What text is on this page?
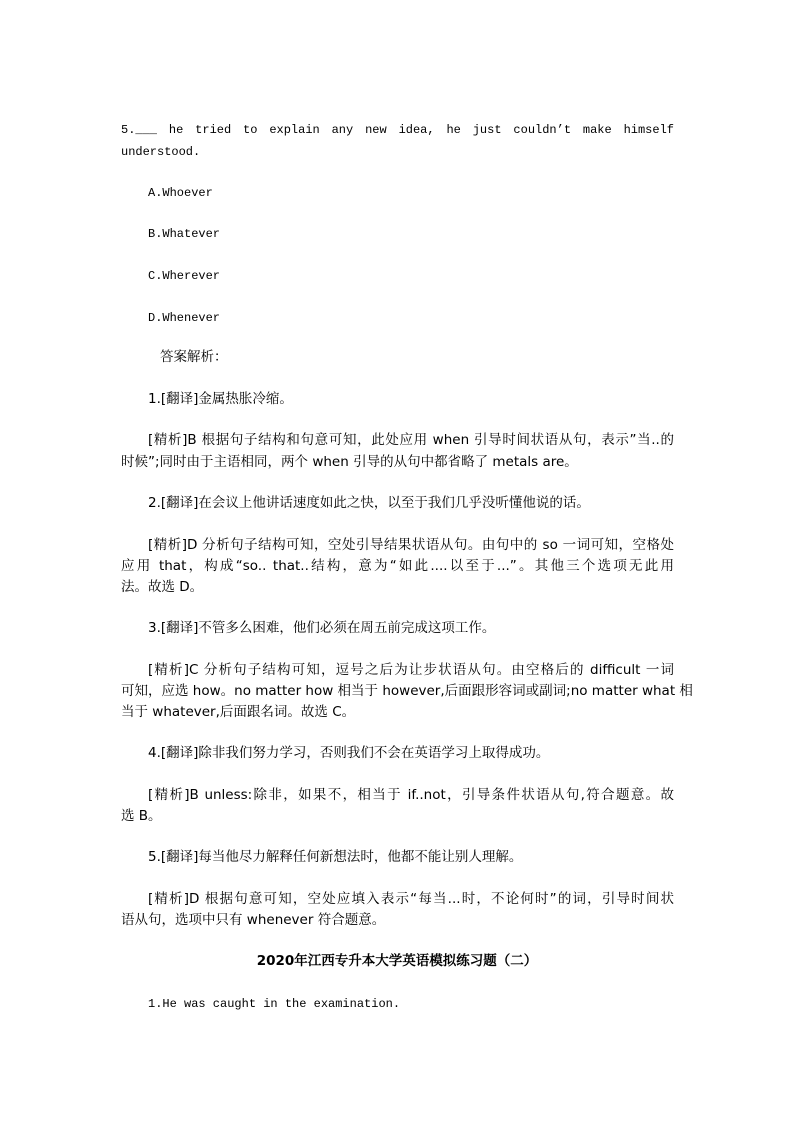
5.___ he tried to explain any new idea, he just couldn’t make himself

understood.

A.Whoever

B.Whatever

C.Wherever

D.Whenever

答案解析：

1.[翻译]金属热胀冷缩。

[精析]B 根据句子结构和句意可知，此处应用 when 引导时间状语从句，表示”当..的

时候”;同时由于主语相同，两个 when 引导的从句中都省略了 metals are。

2.[翻译]在会议上他讲话速度如此之快，以至于我们几乎没听懂他说的话。

[精析]D 分析句子结构可知，空处引导结果状语从句。由句中的 so 一词可知，空格处

应用 that，构成“so.. that..结构，意为“如此....以至于...”。其他三个选项无此用

法。故选 D。

3.[翻译]不管多么困难，他们必须在周五前完成这项工作。

[精析]C 分析句子结构可知，逗号之后为让步状语从句。由空格后的 difficult 一词

可知，应选 how。no matter how 相当于 however,后面跟形容词或副词;no matter what 相

当于 whatever,后面跟名词。故选 C。

4.[翻译]除非我们努力学习，否则我们不会在英语学习上取得成功。

[精析]B unless:除非，如果不，相当于 if..not，引导条件状语从句,符合题意。故

选 B。

5.[翻译]每当他尽力解释任何新想法时，他都不能让别人理解。

[精析]D 根据句意可知，空处应填入表示“每当...时，不论何时”的词，引导时间状

语从句，选项中只有 whenever 符合题意。

2020年江西专升本大学英语模拟练习题（二）

1.He was caught in the examination.
